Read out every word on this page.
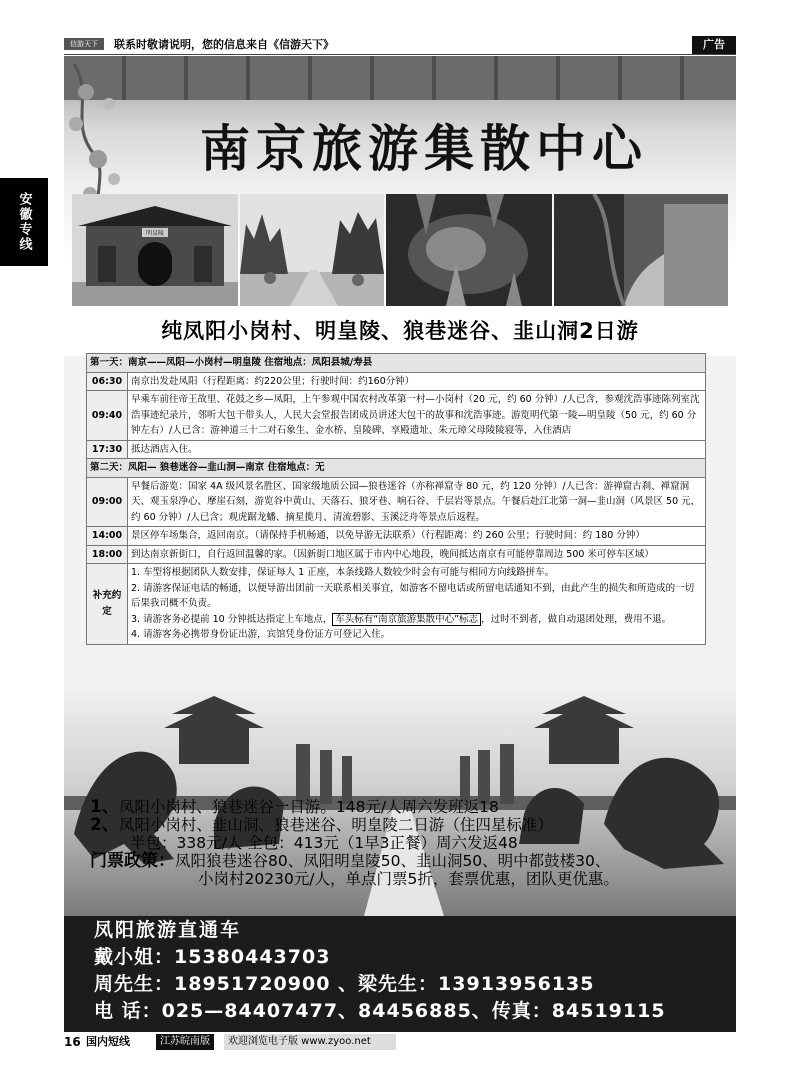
信游天下	联系时敬请说明，您的信息来自《信游天下》	广告
安徽专线
南京旅游集散中心
明皇陵
纯凤阳小岗村、明皇陵、狼巷迷谷、韭山洞2日游
第一天：南京——凤阳—小岗村—明皇陵 住宿地点：凤阳县城/寿县	
06:30	南京出发赴凤阳（行程距离：约220公里；行驶时间：约160分钟）
09:40	早乘车前往帝王故里、花鼓之乡—凤阳，上午参观中国农村改革第一村—小岗村（20 元，约 60 分钟）/人已含，参观沈浩事迹陈列室沈浩事迹纪录片，邻听大包干带头人，人民大会堂报告团成员讲述大包干的故事和沈浩事迹。游览明代第一陵—明皇陵（50 元，约 60 分钟左右）/人已含：游神道三十二对石象生、金水桥、皇陵碑、享殿遗址、朱元璋父母陵陵寝等，入住酒店
17:30	抵达酒店入住。
第二天：凤阳— 狼巷迷谷—韭山洞—南京 住宿地点：无	
09:00	早餐后游览：国家 4A 级风景名胜区、国家级地质公园—狼巷迷谷（亦称禅窟寺 80 元，约 120 分钟）/人已含：游禅窟古刹、禅窟洞天、观玉泉净心、摩崖石刻，游览谷中黄山、天落石、狼牙巷、响石谷、千层岩等景点。午餐后赴江北第一洞—韭山洞（风景区 50 元，约 60 分钟）/人已含；观虎踞龙蟠、摘星揽月、清流碧影、玉溪泛舟等景点后返程。
14:00	景区停车场集合，返回南京。（请保持手机畅通，以免导游无法联系）（行程距离：约 260 公里；行驶时间：约 180 分钟）
18:00	到达南京新街口，自行返回温馨的家。（因新街口地区属于市内中心地段，晚间抵达南京有可能停靠周边 500 米可停车区域）
补充约定	1. 车型将根据团队人数安排，保证每人 1 正座，本条线路人数较少时会有可能与相同方向线路拼车。
2. 请游客保证电话的畅通，以便导游出团前一天联系相关事宜，如游客不留电话或所留电话通知不到，由此产生的损失和所造成的一切后果我司概不负责。
3. 请游客务必提前 10 分钟抵达指定上车地点， 车头标有“南京旅游集散中心”标志 ，过时不到者，做自动退团处理，费用不退。
4. 请游客务必携带身份证出游，宾馆凭身份证方可登记入住。
1、凤阳小岗村、狼巷迷谷一日游。148元/人周六发班返18
2、凤阳小岗村、韭山洞、狼巷迷谷、明皇陵二日游（住四星标准）
半包：338元/人 全包：413元（1早3正餐）周六发返48
门票政策：凤阳狼巷迷谷80、凤阳明皇陵50、韭山洞50、明中都鼓楼30、
小岗村20230元/人，单点门票5折，套票优惠，团队更优惠。
凤阳旅游直通车
戴小姐：15380443703
周先生：18951720900 、梁先生：13913956135
电 话：025—84407477、84456885、传真：84519115
16 国内短线	江苏皖南版	欢迎浏览电子版 www.zyoo.net
